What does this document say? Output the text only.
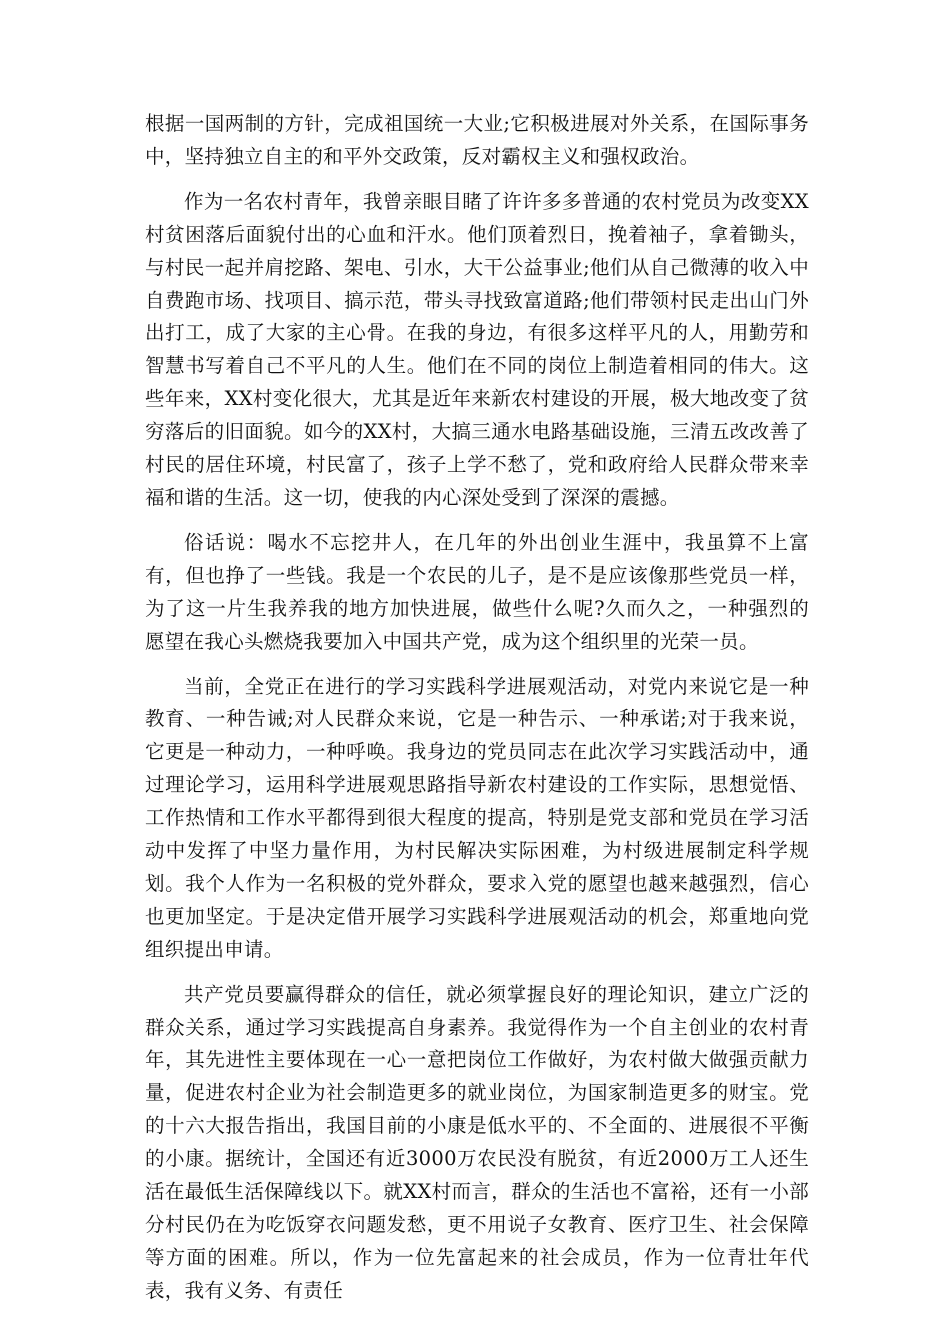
根据一国两制的方针，完成祖国统一大业;它积极进展对外关系，在国际事务中，坚持独立自主的和平外交政策，反对霸权主义和强权政治。

作为一名农村青年，我曾亲眼目睹了许许多多普通的农村党员为改变XX村贫困落后面貌付出的心血和汗水。他们顶着烈日，挽着袖子，拿着锄头，与村民一起并肩挖路、架电、引水，大干公益事业;他们从自己微薄的收入中自费跑市场、找项目、搞示范，带头寻找致富道路;他们带领村民走出山门外出打工，成了大家的主心骨。在我的身边，有很多这样平凡的人，用勤劳和智慧书写着自己不平凡的人生。他们在不同的岗位上制造着相同的伟大。这些年来，XX村变化很大，尤其是近年来新农村建设的开展，极大地改变了贫穷落后的旧面貌。如今的XX村，大搞三通水电路基础设施，三清五改改善了村民的居住环境，村民富了，孩子上学不愁了，党和政府给人民群众带来幸福和谐的生活。这一切，使我的内心深处受到了深深的震撼。

俗话说：喝水不忘挖井人，在几年的外出创业生涯中，我虽算不上富有，但也挣了一些钱。我是一个农民的儿子，是不是应该像那些党员一样，为了这一片生我养我的地方加快进展，做些什么呢?久而久之，一种强烈的愿望在我心头燃烧我要加入中国共产党，成为这个组织里的光荣一员。

当前，全党正在进行的学习实践科学进展观活动，对党内来说它是一种教育、一种告诫;对人民群众来说，它是一种告示、一种承诺;对于我来说，它更是一种动力，一种呼唤。我身边的党员同志在此次学习实践活动中，通过理论学习，运用科学进展观思路指导新农村建设的工作实际，思想觉悟、工作热情和工作水平都得到很大程度的提高，特别是党支部和党员在学习活动中发挥了中坚力量作用，为村民解决实际困难，为村级进展制定科学规划。我个人作为一名积极的党外群众，要求入党的愿望也越来越强烈，信心也更加坚定。于是决定借开展学习实践科学进展观活动的机会，郑重地向党组织提出申请。

共产党员要赢得群众的信任，就必须掌握良好的理论知识，建立广泛的群众关系，通过学习实践提高自身素养。我觉得作为一个自主创业的农村青年，其先进性主要体现在一心一意把岗位工作做好，为农村做大做强贡献力量，促进农村企业为社会制造更多的就业岗位，为国家制造更多的财宝。党的十六大报告指出，我国目前的小康是低水平的、不全面的、进展很不平衡的小康。据统计，全国还有近3000万农民没有脱贫，有近2000万工人还生活在最低生活保障线以下。就XX村而言，群众的生活也不富裕，还有一小部分村民仍在为吃饭穿衣问题发愁，更不用说子女教育、医疗卫生、社会保障等方面的困难。所以，作为一位先富起来的社会成员，作为一位青壮年代表，我有义务、有责任
